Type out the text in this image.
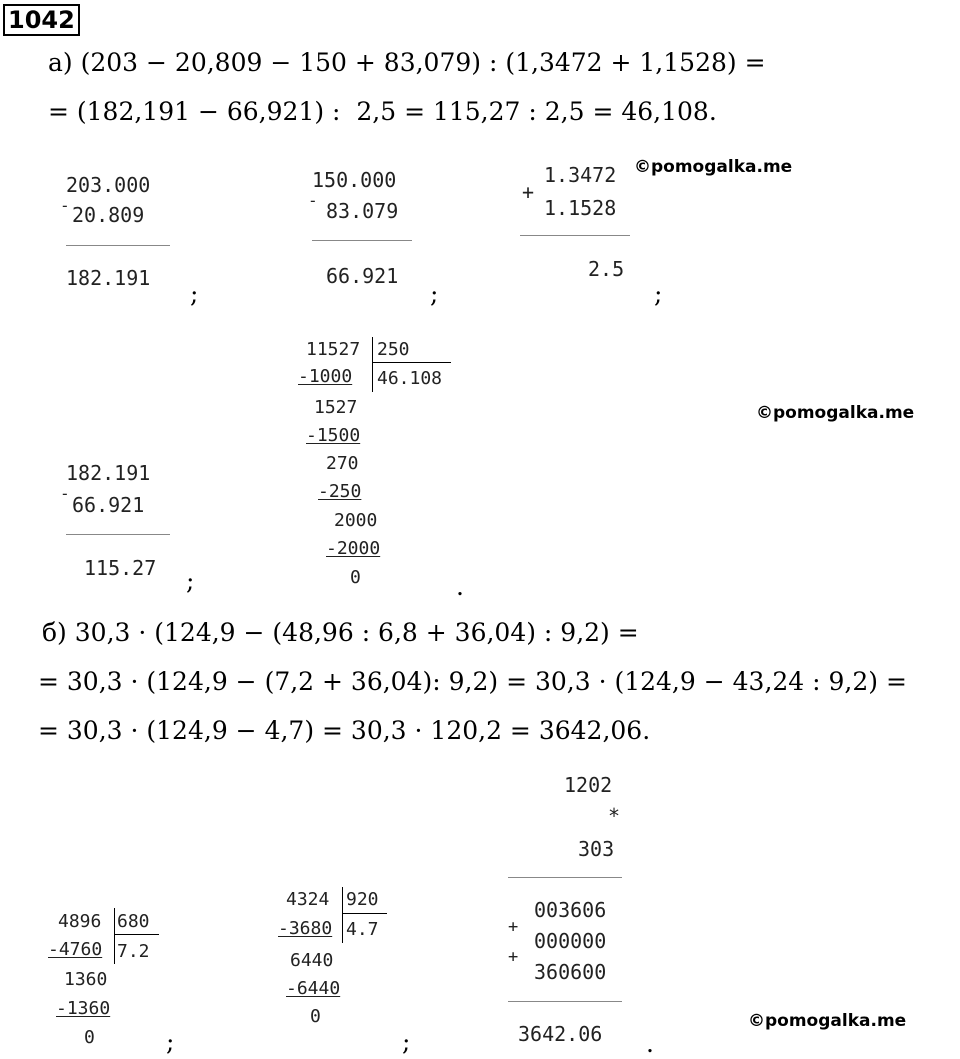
1042
а) (203 − 20,809 − 150 + 83,079) : (1,3472 + 1,1528) =
= (182,191 − 66,921) :  2,5 = 115,27 : 2,5 = 46,108.
©pomogalka.me
203.000
- 20.809
182.191
;
150.000
- 83.079
66.921
;
1.3472
+
1.1528
2.5
;
11527 250
46.108
-1000
1527
-1500
270
-250
2000
-2000
0	.
©pomogalka.me
182.191
- 66.921
115.27 ;
б) 30,3 · (124,9 − (48,96 : 6,8 + 36,04) : 9,2) =
= 30,3 · (124,9 − (7,2 + 36,04): 9,2) = 30,3 · (124,9 − 43,24 : 9,2) =
= 30,3 · (124,9 − 4,7) = 30,3 · 120,2 = 3642,06.
4896 680
7.2
-4760
1360
-1360
0	;
4324 920
4.7
-3680
6440
-6440
0
;
1202
*
303
003606
+
000000
+
360600
3642.06 .
©pomogalka.me
